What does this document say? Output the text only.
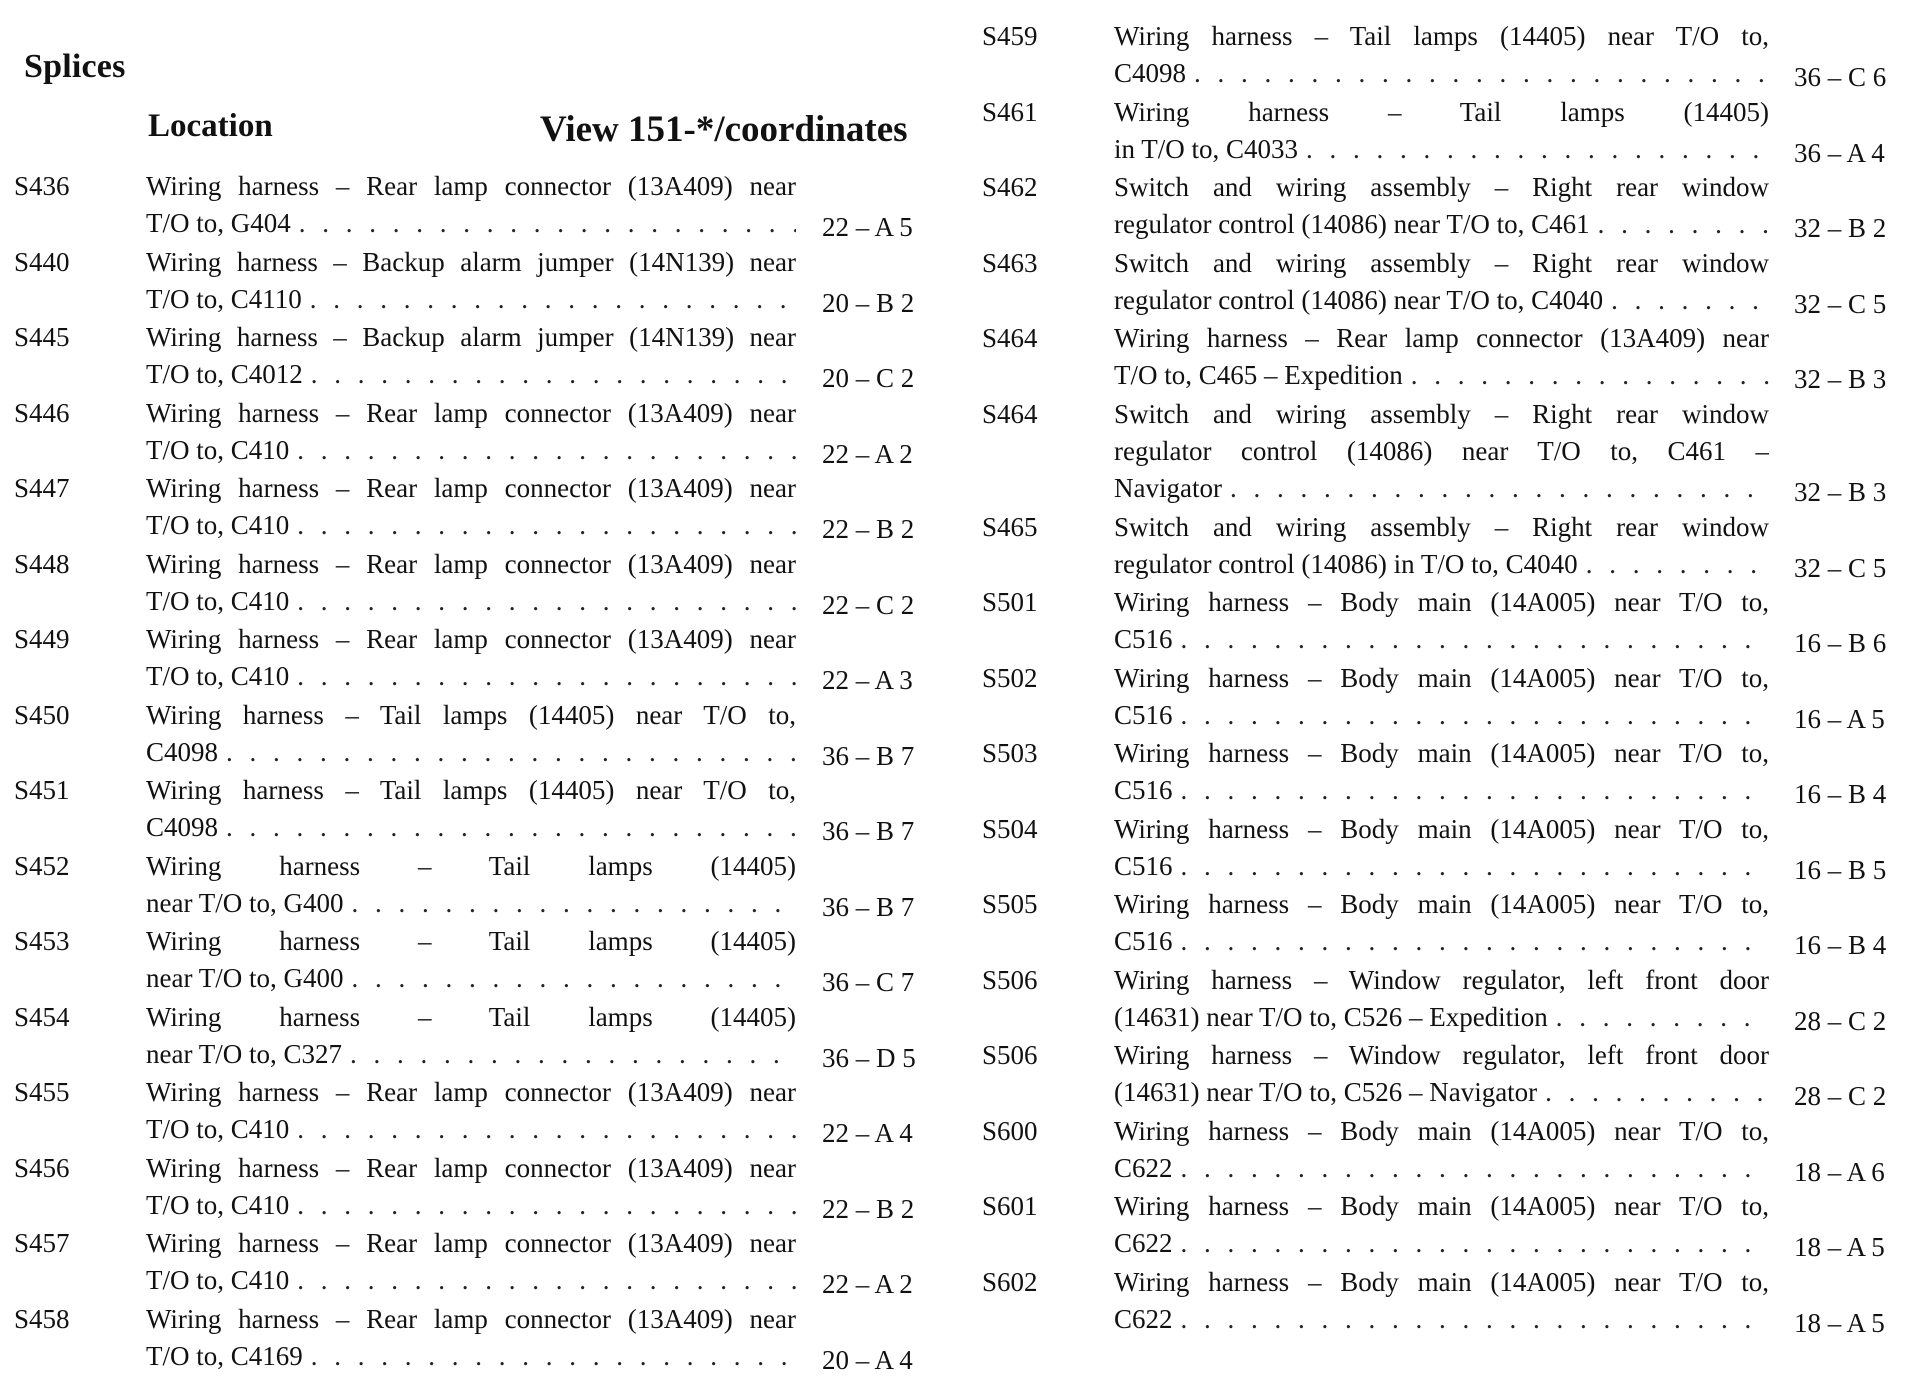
Splices
Location	View 151-*/coordinates
S436	Wiring harness – Rear lamp connector (13A409) near
T/O to, G404 . . .	22 – A 5
S440	Wiring harness – Backup alarm jumper (14N139) near
T/O to, C4110 . . .	20 – B 2
S445	Wiring harness – Backup alarm jumper (14N139) near
T/O to, C4012 . . .	20 – C 2
S446	Wiring harness – Rear lamp connector (13A409) near
T/O to, C410 . . .	22 – A 2
S447	Wiring harness – Rear lamp connector (13A409) near
T/O to, C410 . . .	22 – B 2
S448	Wiring harness – Rear lamp connector (13A409) near
T/O to, C410 . . .	22 – C 2
S449	Wiring harness – Rear lamp connector (13A409) near
T/O to, C410 . . .	22 – A 3
S450	Wiring harness – Tail lamps (14405) near T/O to,
C4098 . . .	36 – B 7
S451	Wiring harness – Tail lamps (14405) near T/O to,
C4098 . . .	36 – B 7
S452	Wiring harness – Tail lamps (14405)
near T/O to, G400 . . .	36 – B 7
S453	Wiring harness – Tail lamps (14405)
near T/O to, G400 . . .	36 – C 7
S454	Wiring harness – Tail lamps (14405)
near T/O to, C327 . . .	36 – D 5
S455	Wiring harness – Rear lamp connector (13A409) near
T/O to, C410 . . .	22 – A 4
S456	Wiring harness – Rear lamp connector (13A409) near
T/O to, C410 . . .	22 – B 2
S457	Wiring harness – Rear lamp connector (13A409) near
T/O to, C410 . . .	22 – A 2
S458	Wiring harness – Rear lamp connector (13A409) near
T/O to, C4169 . . .	20 – A 4
S459	Wiring harness – Tail lamps (14405) near T/O to,
C4098 . . .	36 – C 6
S461	Wiring harness – Tail lamps (14405)
in T/O to, C4033 . . .	36 – A 4
S462	Switch and wiring assembly – Right rear window
regulator control (14086) near T/O to, C461 . . .	32 – B 2
S463	Switch and wiring assembly – Right rear window
regulator control (14086) near T/O to, C4040 . . .	32 – C 5
S464	Wiring harness – Rear lamp connector (13A409) near
T/O to, C465 – Expedition . . .	32 – B 3
S464	Switch and wiring assembly – Right rear window
regulator control (14086) near T/O to, C461 –
Navigator . . .	32 – B 3
S465	Switch and wiring assembly – Right rear window
regulator control (14086) in T/O to, C4040 . . .	32 – C 5
S501	Wiring harness – Body main (14A005) near T/O to,
C516 . . .	16 – B 6
S502	Wiring harness – Body main (14A005) near T/O to,
C516 . . .	16 – A 5
S503	Wiring harness – Body main (14A005) near T/O to,
C516 . . .	16 – B 4
S504	Wiring harness – Body main (14A005) near T/O to,
C516 . . .	16 – B 5
S505	Wiring harness – Body main (14A005) near T/O to,
C516 . . .	16 – B 4
S506	Wiring harness – Window regulator, left front door
(14631) near T/O to, C526 – Expedition . . .	28 – C 2
S506	Wiring harness – Window regulator, left front door
(14631) near T/O to, C526 – Navigator . . .	28 – C 2
S600	Wiring harness – Body main (14A005) near T/O to,
C622 . . .	18 – A 6
S601	Wiring harness – Body main (14A005) near T/O to,
C622 . . .	18 – A 5
S602	Wiring harness – Body main (14A005) near T/O to,
C622 . . .	18 – A 5
